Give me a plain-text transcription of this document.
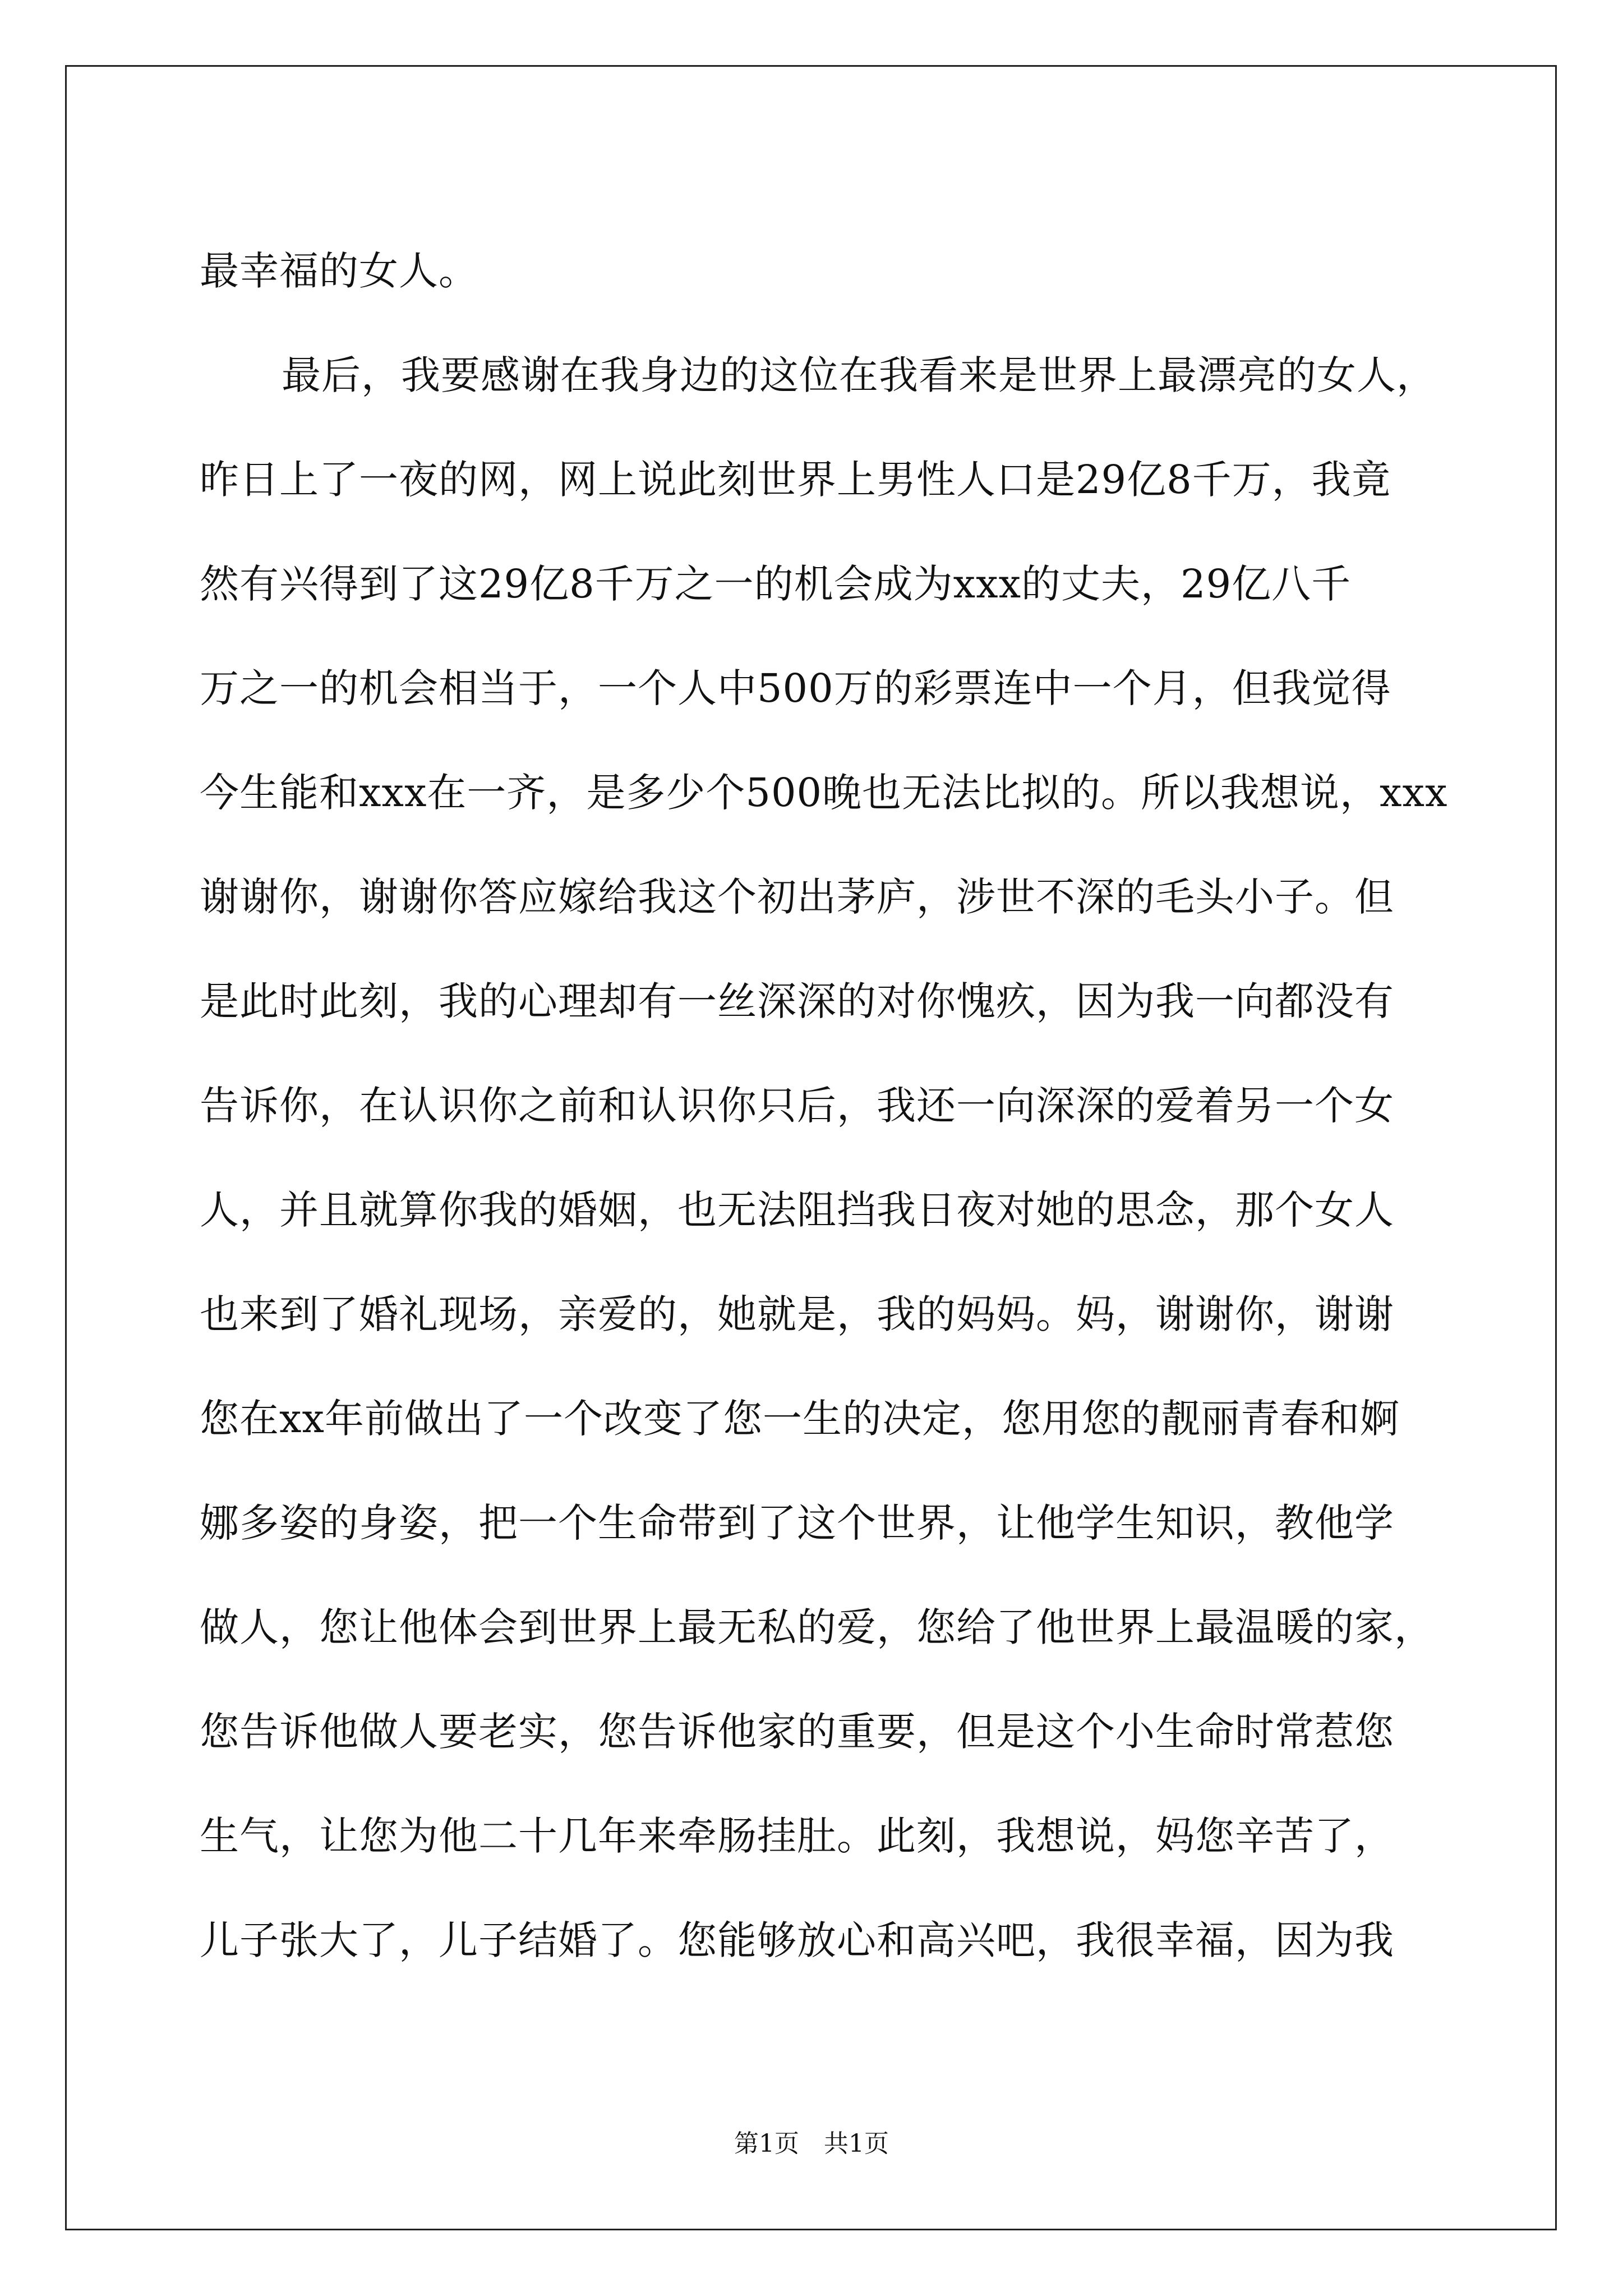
最幸福的女人。
最后，我要感谢在我身边的这位在我看来是世界上最漂亮的女人，
昨日上了一夜的网，网上说此刻世界上男性人口是29亿8千万，我竟
然有兴得到了这29亿8千万之一的机会成为xxx的丈夫，29亿八千
万之一的机会相当于，一个人中500万的彩票连中一个月，但我觉得
今生能和xxx在一齐，是多少个500晚也无法比拟的。所以我想说，xxx
谢谢你，谢谢你答应嫁给我这个初出茅庐，涉世不深的毛头小子。但
是此时此刻，我的心理却有一丝深深的对你愧疚，因为我一向都没有
告诉你，在认识你之前和认识你只后，我还一向深深的爱着另一个女
人，并且就算你我的婚姻，也无法阻挡我日夜对她的思念，那个女人
也来到了婚礼现场，亲爱的，她就是，我的妈妈。妈，谢谢你，谢谢
您在xx年前做出了一个改变了您一生的决定，您用您的靓丽青春和婀
娜多姿的身姿，把一个生命带到了这个世界，让他学生知识，教他学
做人，您让他体会到世界上最无私的爱，您给了他世界上最温暖的家，
您告诉他做人要老实，您告诉他家的重要，但是这个小生命时常惹您
生气，让您为他二十几年来牵肠挂肚。此刻，我想说，妈您辛苦了，
儿子张大了，儿子结婚了。您能够放心和高兴吧，我很幸福，因为我
第1页 共1页
